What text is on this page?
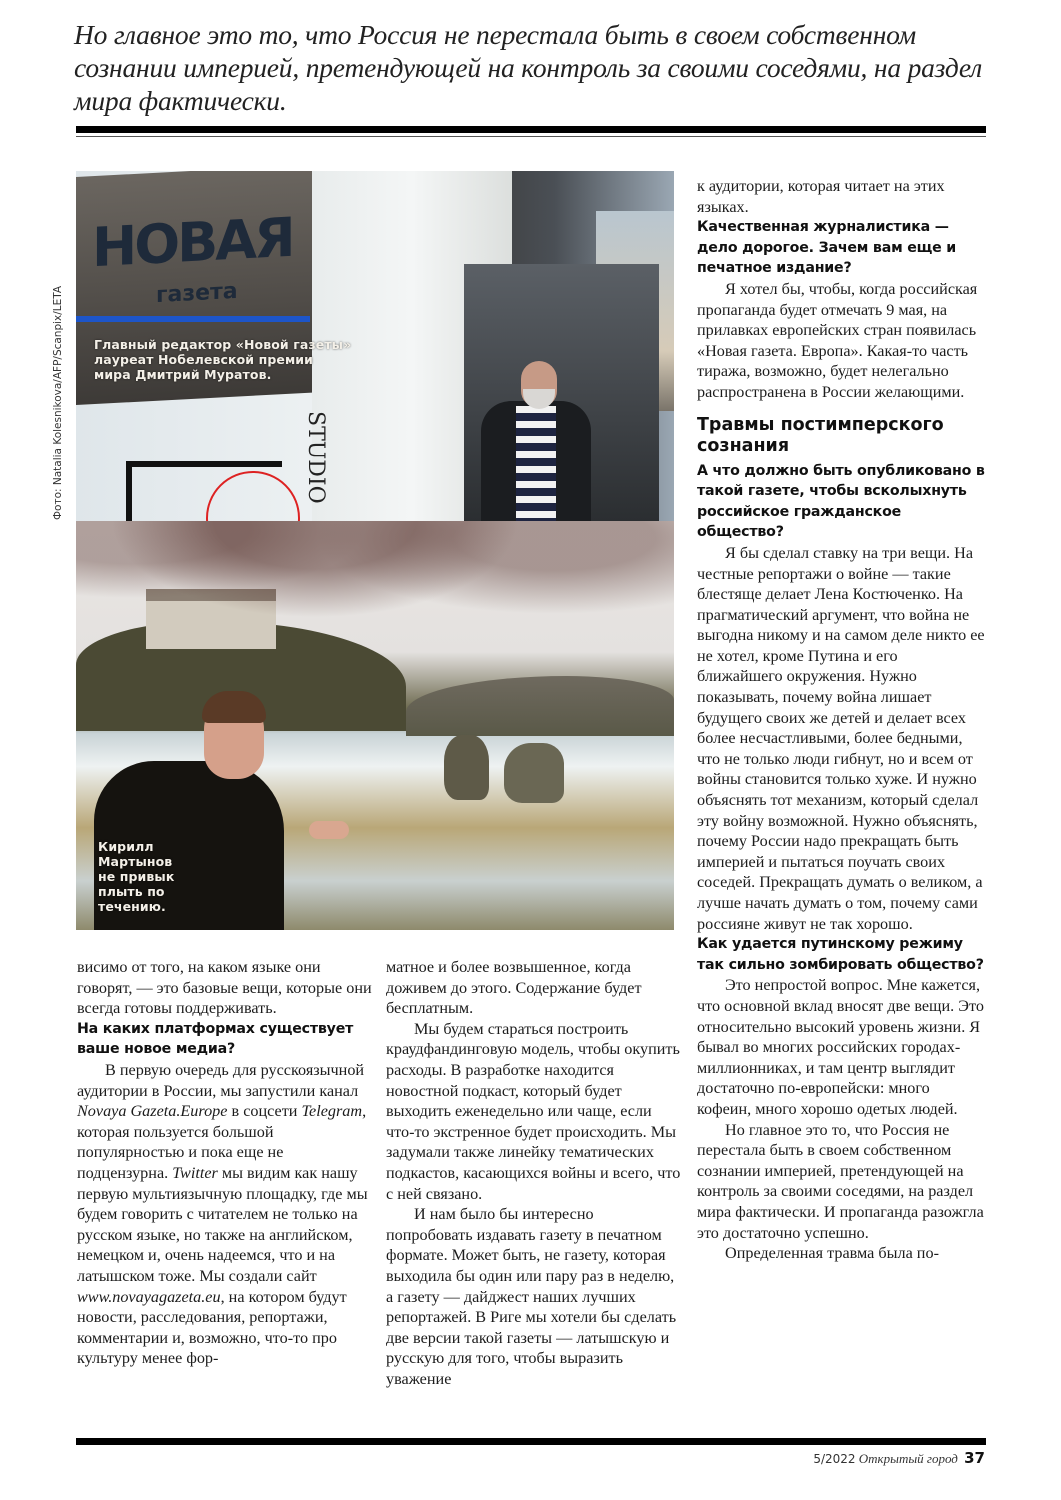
Но главное это то, что Россия не перестала быть в своем собственном сознании империей, претендующей на контроль за своими соседями, на раздел мира фактически.
Фото: Natalia Kolesnikova/AFP/Scanpix/LETA
НОВАЯ
газета
STUDIO
Главный редактор «Новой газеты»
лауреат Нобелевской премии
мира Дмитрий Муратов.
Кирилл
Мартынов
не привык
плыть по
течению.

висимо от того, на каком языке они говорят, — это базовые вещи, которые они всегда готовы поддерживать.

На каких платформах существует ваше новое медиа?

В первую очередь для русскоязычной аудитории в России, мы запустили канал Novaya Gazeta.Europe в соцсети Telegram, которая пользуется большой популярностью и пока еще не подцензурна. Twitter мы видим как нашу первую мультиязычную площадку, где мы будем говорить с читателем не только на русском языке, но также на английском, немецком и, очень надеемся, что и на латышском тоже. Мы создали сайт www.novayagazeta.eu, на котором будут новости, расследования, репортажи, комментарии и, возможно, что-то про культуру менее фор-

матное и более возвышенное, когда доживем до этого. Содержание будет бесплатным.

Мы будем стараться построить краудфандинговую модель, чтобы окупить расходы. В разработке находится новостной подкаст, который будет выходить еженедельно или чаще, если что-то экстренное будет происходить. Мы задумали также линейку тематических подкастов, касающихся войны и всего, что с ней связано.

И нам было бы интересно попробовать издавать газету в печатном формате. Может быть, не газету, которая выходила бы один или пару раз в неделю, а газету — дайджест наших лучших репортажей. В Риге мы хотели бы сделать две версии такой газеты — латышскую и русскую для того, чтобы выразить уважение

к аудитории, которая читает на этих языках.

Качественная журналистика — дело дорогое. Зачем вам еще и печатное издание?

Я хотел бы, чтобы, когда российская пропаганда будет отмечать 9 мая, на прилавках европейских стран появилась «Новая газета. Европа». Какая-то часть тиража, возможно, будет нелегально распространена в России желающими.

Травмы постимперского сознания

А что должно быть опубликовано в такой газете, чтобы всколыхнуть российское гражданское общество?

Я бы сделал ставку на три вещи. На честные репортажи о войне — такие блестяще делает Лена Костюченко. На прагматический аргумент, что война не выгодна никому и на самом деле никто ее не хотел, кроме Путина и его ближайшего окружения. Нужно показывать, почему война лишает будущего своих же детей и делает всех более несчастливыми, более бедными, что не только люди гибнут, но и всем от войны становится только хуже. И нужно объяснять тот механизм, который сделал эту войну возможной. Нужно объяснять, почему России надо прекращать быть империей и пытаться поучать своих соседей. Прекращать думать о великом, а лучше начать думать о том, почему сами россияне живут не так хорошо.

Как удается путинскому режиму так сильно зомбировать общество?

Это непростой вопрос. Мне кажется, что основной вклад вносят две вещи. Это относительно высокий уровень жизни. Я бывал во многих российских городах-миллионниках, и там центр выглядит достаточно по-европейски: много кофеин, много хорошо одетых людей.

Но главное это то, что Россия не перестала быть в своем собственном сознании империей, претендующей на контроль за своими соседями, на раздел мира фактически. И пропаганда разожгла это достаточно успешно.

Определенная травма была по-

5/2022 Открытый город 37
